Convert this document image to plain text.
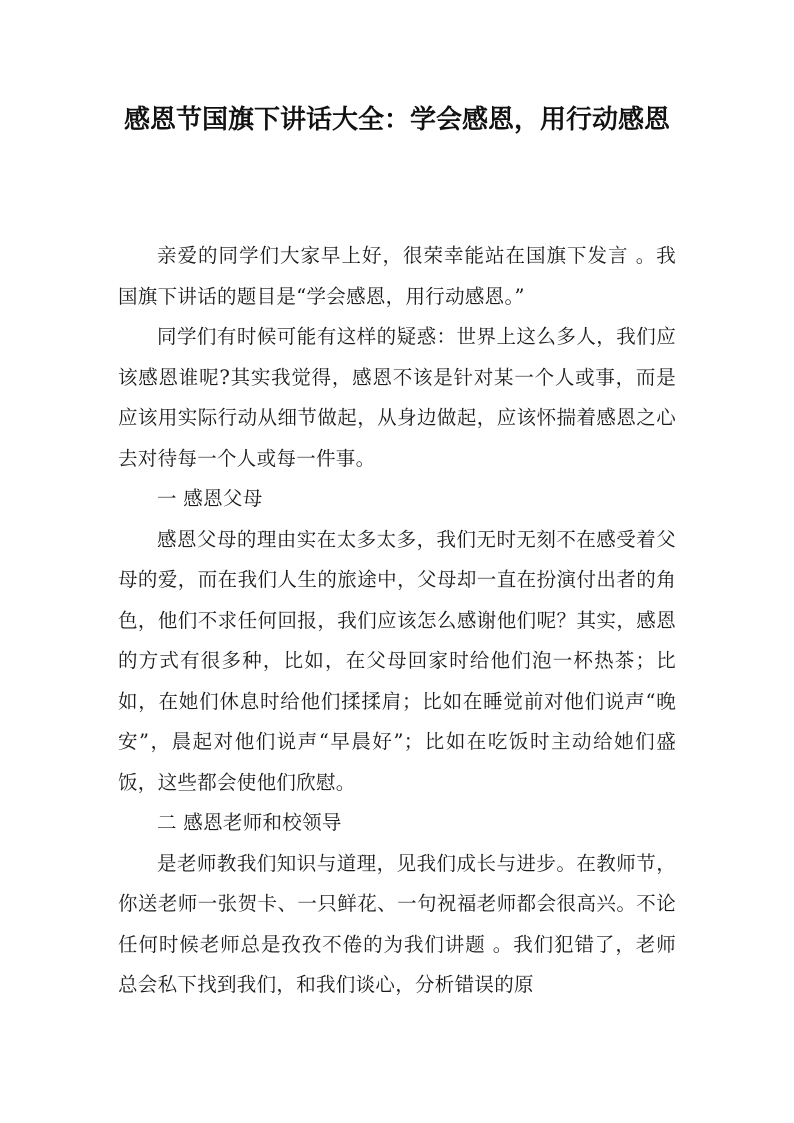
感恩节国旗下讲话大全：学会感恩，用行动感恩

亲爱的同学们大家早上好，很荣幸能站在国旗下发言 。我国旗下讲话的题目是“学会感恩，用行动感恩。”

同学们有时候可能有这样的疑惑：世界上这么多人，我们应该感恩谁呢?其实我觉得，感恩不该是针对某一个人或事，而是应该用实际行动从细节做起，从身边做起，应该怀揣着感恩之心去对待每一个人或每一件事。

一 感恩父母

感恩父母的理由实在太多太多，我们无时无刻不在感受着父母的爱，而在我们人生的旅途中，父母却一直在扮演付出者的角色，他们不求任何回报，我们应该怎么感谢他们呢？其实，感恩的方式有很多种，比如，在父母回家时给他们泡一杯热茶；比如，在她们休息时给他们揉揉肩；比如在睡觉前对他们说声“晚安”，晨起对他们说声“早晨好”；比如在吃饭时主动给她们盛饭，这些都会使他们欣慰。

二 感恩老师和校领导

是老师教我们知识与道理，见我们成长与进步。在教师节，你送老师一张贺卡、一只鲜花、一句祝福老师都会很高兴。不论任何时候老师总是孜孜不倦的为我们讲题 。我们犯错了，老师总会私下找到我们，和我们谈心，分析错误的原
